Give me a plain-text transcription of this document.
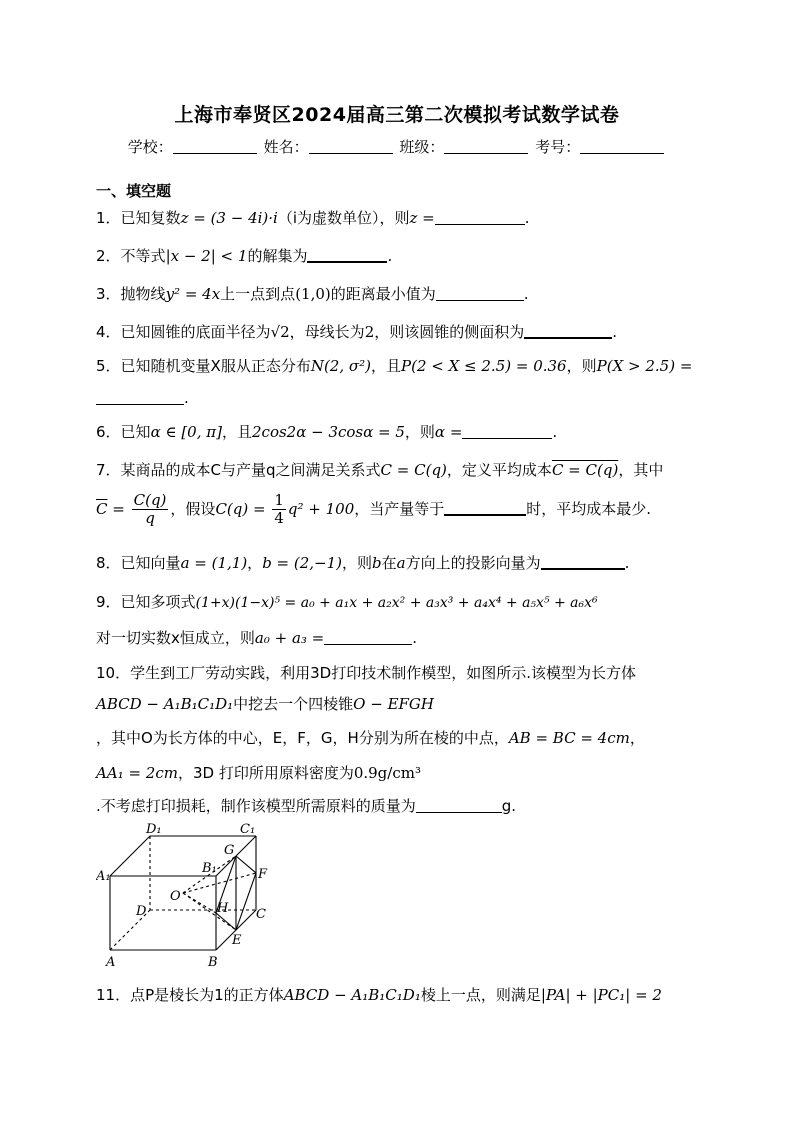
上海市奉贤区2024届高三第二次模拟考试数学试卷
学校：	姓名：	班级：	考号：
一、填空题
1．已知复数z = (3 − 4i)·i（i为虚数单位），则z =	.
2．不等式|x − 2| < 1的解集为	.
3．抛物线y² = 4x上一点到点(1,0)的距离最小值为	.
4．已知圆锥的底面半径为√2，母线长为2，则该圆锥的侧面积为	.
5．已知随机变量X服从正态分布N(2, σ²)，且P(2 < X ≤ 2.5) = 0.36，则P(X > 2.5) =
.
6．已知α ∈ [0, π]，且2cos2α − 3cosα = 5，则α =	.
7．某商品的成本C与产量q之间满足关系式C = C(q)，定义平均成本C = C(q)，其中
$\overline{C} = \frac{C(q)}{q}$ ，假设$C(q) = \frac{1}{4} q^2 + 100$，当产量等于	时，平均成本最少.
8．已知向量a = (1,1)，b = (2,−1)，则b在a方向上的投影向量为	.
9．已知多项式(1+x)(1−x)⁵ = a₀ + a₁x + a₂x² + a₃x³ + a₄x⁴ + a₅x⁵ + a₆x⁶
对一切实数x恒成立，则a₀ + a₃ =	.
10．学生到工厂劳动实践，利用3D打印技术制作模型，如图所示.该模型为长方体
ABCD − A₁B₁C₁D₁中挖去一个四棱锥O − EFGH
，其中O为长方体的中心，E，F，G，H分别为所在棱的中点，AB = BC = 4cm，
AA₁ = 2cm，3D 打印所用原料密度为0.9g/cm³
.不考虑打印损耗，制作该模型所需原料的质量为	g.
D₁	C₁
A₁
B₁
G
F
O
D	H C
E
A	B
11．点P是棱长为1的正方体ABCD − A₁B₁C₁D₁棱上一点，则满足|PA| + |PC₁| = 2
